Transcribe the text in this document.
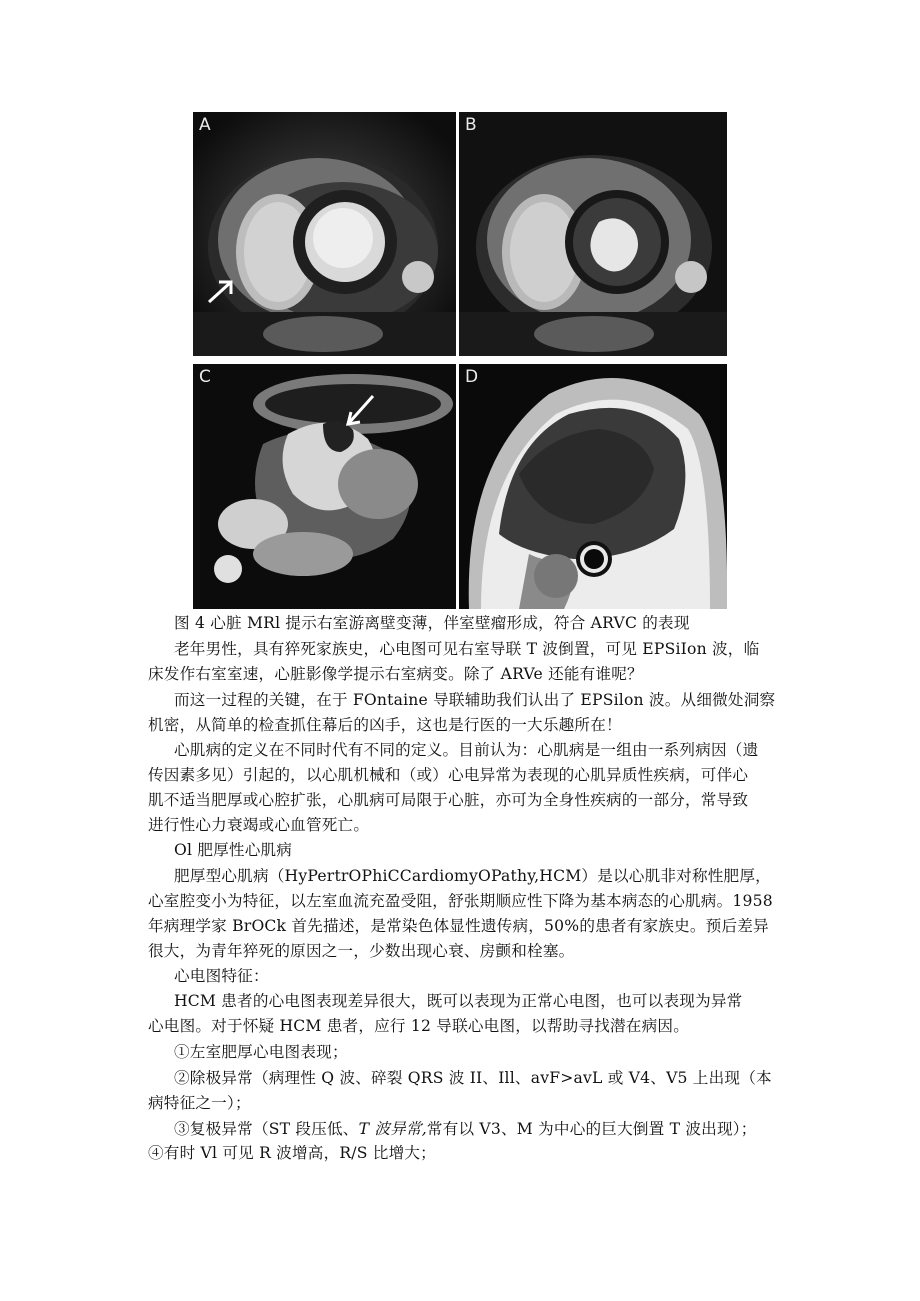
A	B
C	D
图 4 心脏 MRl 提示右室游离壁变薄，伴室壁瘤形成，符合 ARVC 的表现
老年男性，具有猝死家族史，心电图可见右室导联 T 波倒置，可见 EPSiIon 波，临
床发作右室室速，心脏影像学提示右室病变。除了 ARVe 还能有谁呢？
而这一过程的关键，在于 FOntaine 导联辅助我们认出了 EPSilon 波。从细微处洞察
机密，从简单的检查抓住幕后的凶手，这也是行医的一大乐趣所在！
心肌病的定义在不同时代有不同的定义。目前认为：心肌病是一组由一系列病因（遗
传因素多见）引起的，以心肌机械和（或）心电异常为表现的心肌异质性疾病，可伴心
肌不适当肥厚或心腔扩张，心肌病可局限于心脏，亦可为全身性疾病的一部分，常导致
进行性心力衰竭或心血管死亡。
Ol 肥厚性心肌病
肥厚型心肌病（HyPertrOPhiCCardiomyOPathy,HCM）是以心肌非对称性肥厚，
心室腔变小为特征，以左室血流充盈受阻，舒张期顺应性下降为基本病态的心肌病。1958
年病理学家 BrOCk 首先描述，是常染色体显性遗传病，50%的患者有家族史。预后差异
很大，为青年猝死的原因之一，少数出现心衰、房颤和栓塞。
心电图特征：
HCM 患者的心电图表现差异很大，既可以表现为正常心电图，也可以表现为异常
心电图。对于怀疑 HCM 患者，应行 12 导联心电图，以帮助寻找潜在病因。
①左室肥厚心电图表现；
②除极异常（病理性 Q 波、碎裂 QRS 波 II、Ill、avF>avL 或 V4、V5 上出现（本
病特征之一）；
③复极异常（ST 段压低、T 波异常,常有以 V3、M 为中心的巨大倒置 T 波出现）；
④有时 Vl 可见 R 波增高，R/S 比增大；
